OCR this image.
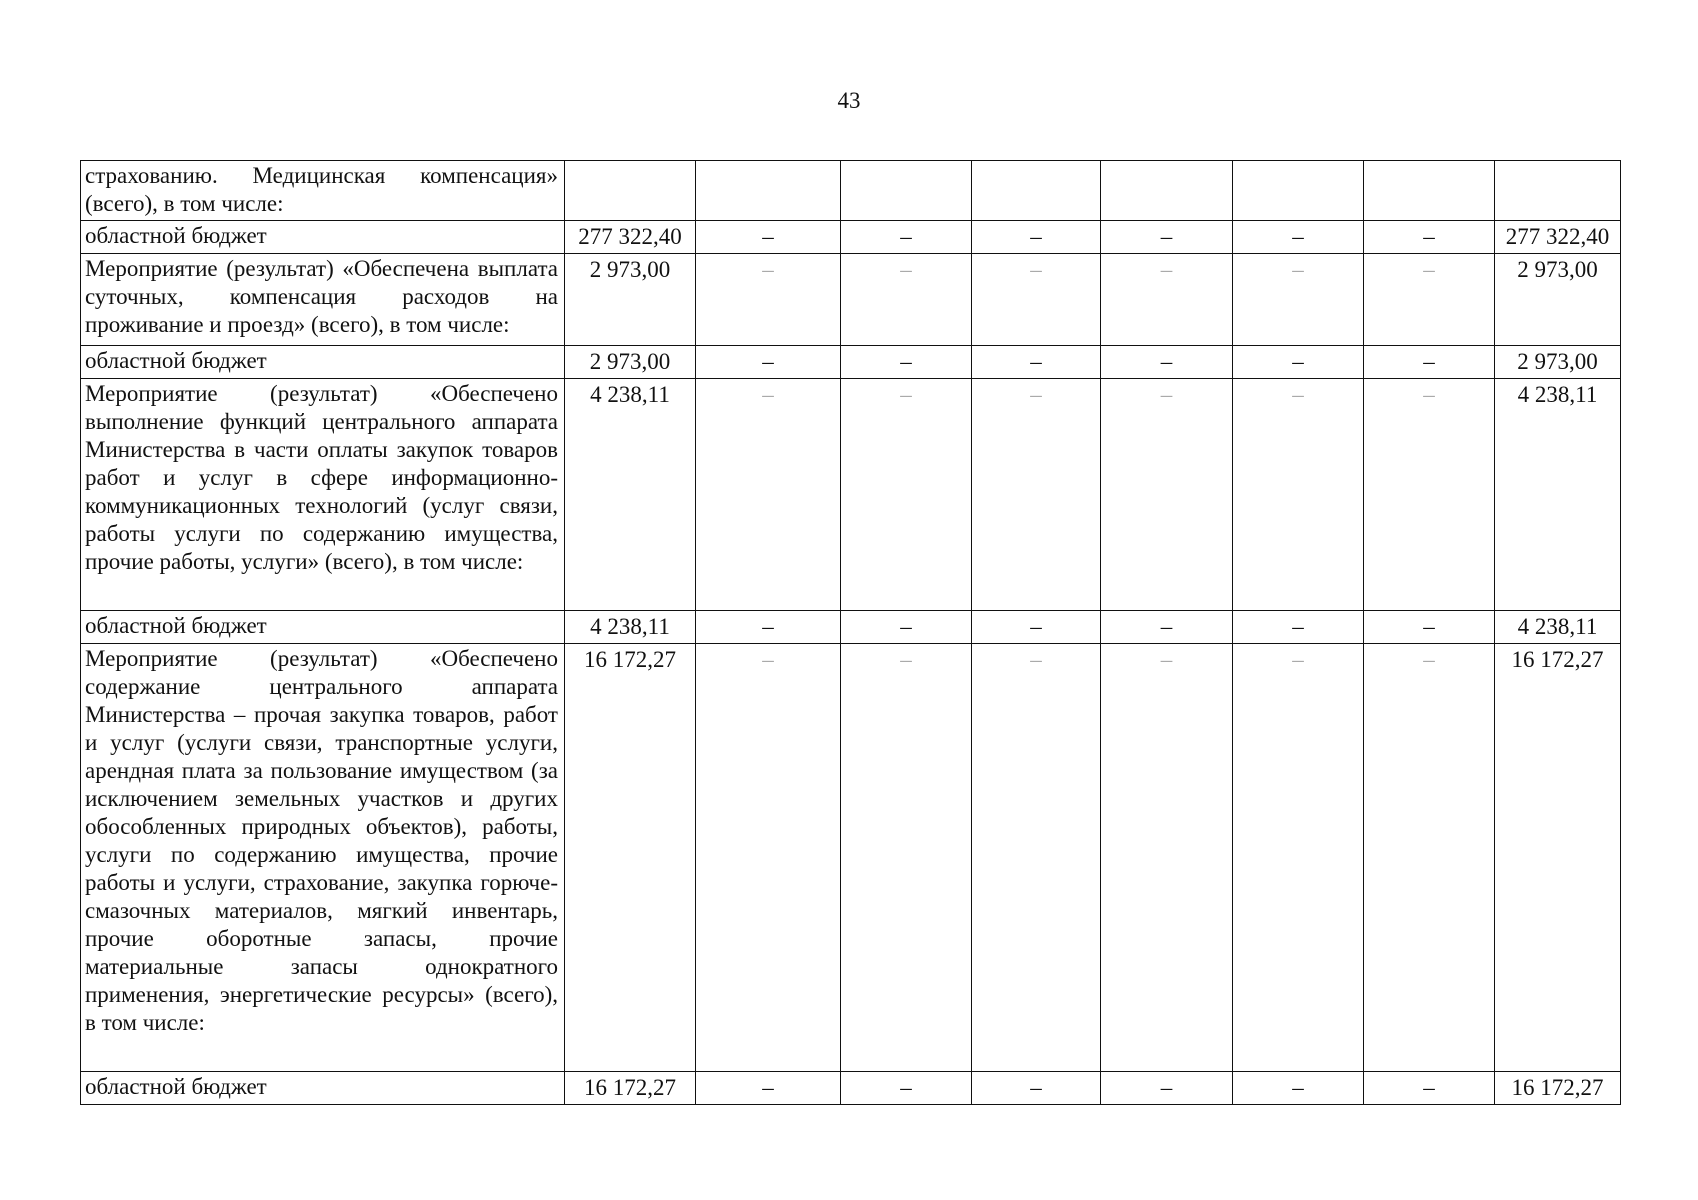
43
страхованию. Медицинская компенсация» (всего), в том числе:								
областной бюджет	277 322,40	–	–	–	–	–	–	277 322,40
Мероприятие (результат) «Обеспечена выплата суточных, компенсация расходов на проживание и проезд» (всего), в том числе:	2 973,00	–	–	–	–	–	–	2 973,00
областной бюджет	2 973,00	–	–	–	–	–	–	2 973,00
Мероприятие (результат) «Обеспечено выполнение функций центрального аппарата Министерства в части оплаты закупок товаров работ и услуг в сфере информационно-коммуникационных технологий (услуг связи, работы услуги по содержанию имущества, прочие работы, услуги» (всего), в том числе:	4 238,11	–	–	–	–	–	–	4 238,11
областной бюджет	4 238,11	–	–	–	–	–	–	4 238,11
Мероприятие (результат) «Обеспечено содержание центрального аппарата Министерства – прочая закупка товаров, работ и услуг (услуги связи, транспортные услуги, арендная плата за пользование имуществом (за исключением земельных участков и других обособленных природных объектов), работы, услуги по содержанию имущества, прочие работы и услуги, страхование, закупка горюче-смазочных материалов, мягкий инвентарь, прочие оборотные запасы, прочие материальные запасы однократного применения, энергетические ресурсы» (всего), в том числе:	16 172,27	–	–	–	–	–	–	16 172,27
областной бюджет	16 172,27	–	–	–	–	–	–	16 172,27
